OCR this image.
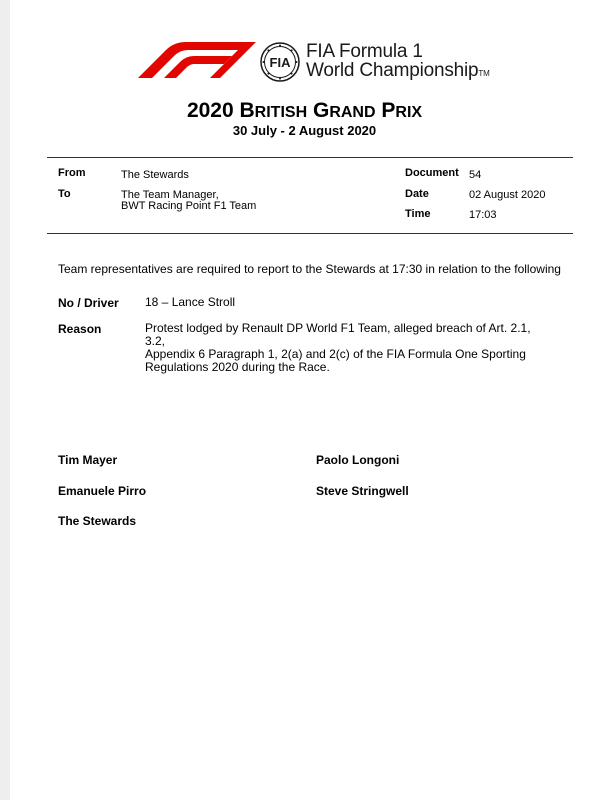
FIA
FIA Formula 1
World ChampionshipTM
2020 BRITISH GRAND PRIX
30 July - 2 August 2020
From	The Stewards
To	The Team Manager,
BWT Racing Point F1 Team
Document 54
Date	02 August 2020
Time	17:03
Team representatives are required to report to the Stewards at 17:30 in relation to the following
No / Driver 18 – Lance Stroll
Reason	Protest lodged by Renault DP World F1 Team, alleged breach of Art. 2.1, 3.2,
Appendix 6 Paragraph 1, 2(a) and 2(c) of the FIA Formula One Sporting
Regulations 2020 during the Race.
Tim Mayer	Paolo Longoni
Emanuele Pirro	Steve Stringwell
The Stewards
